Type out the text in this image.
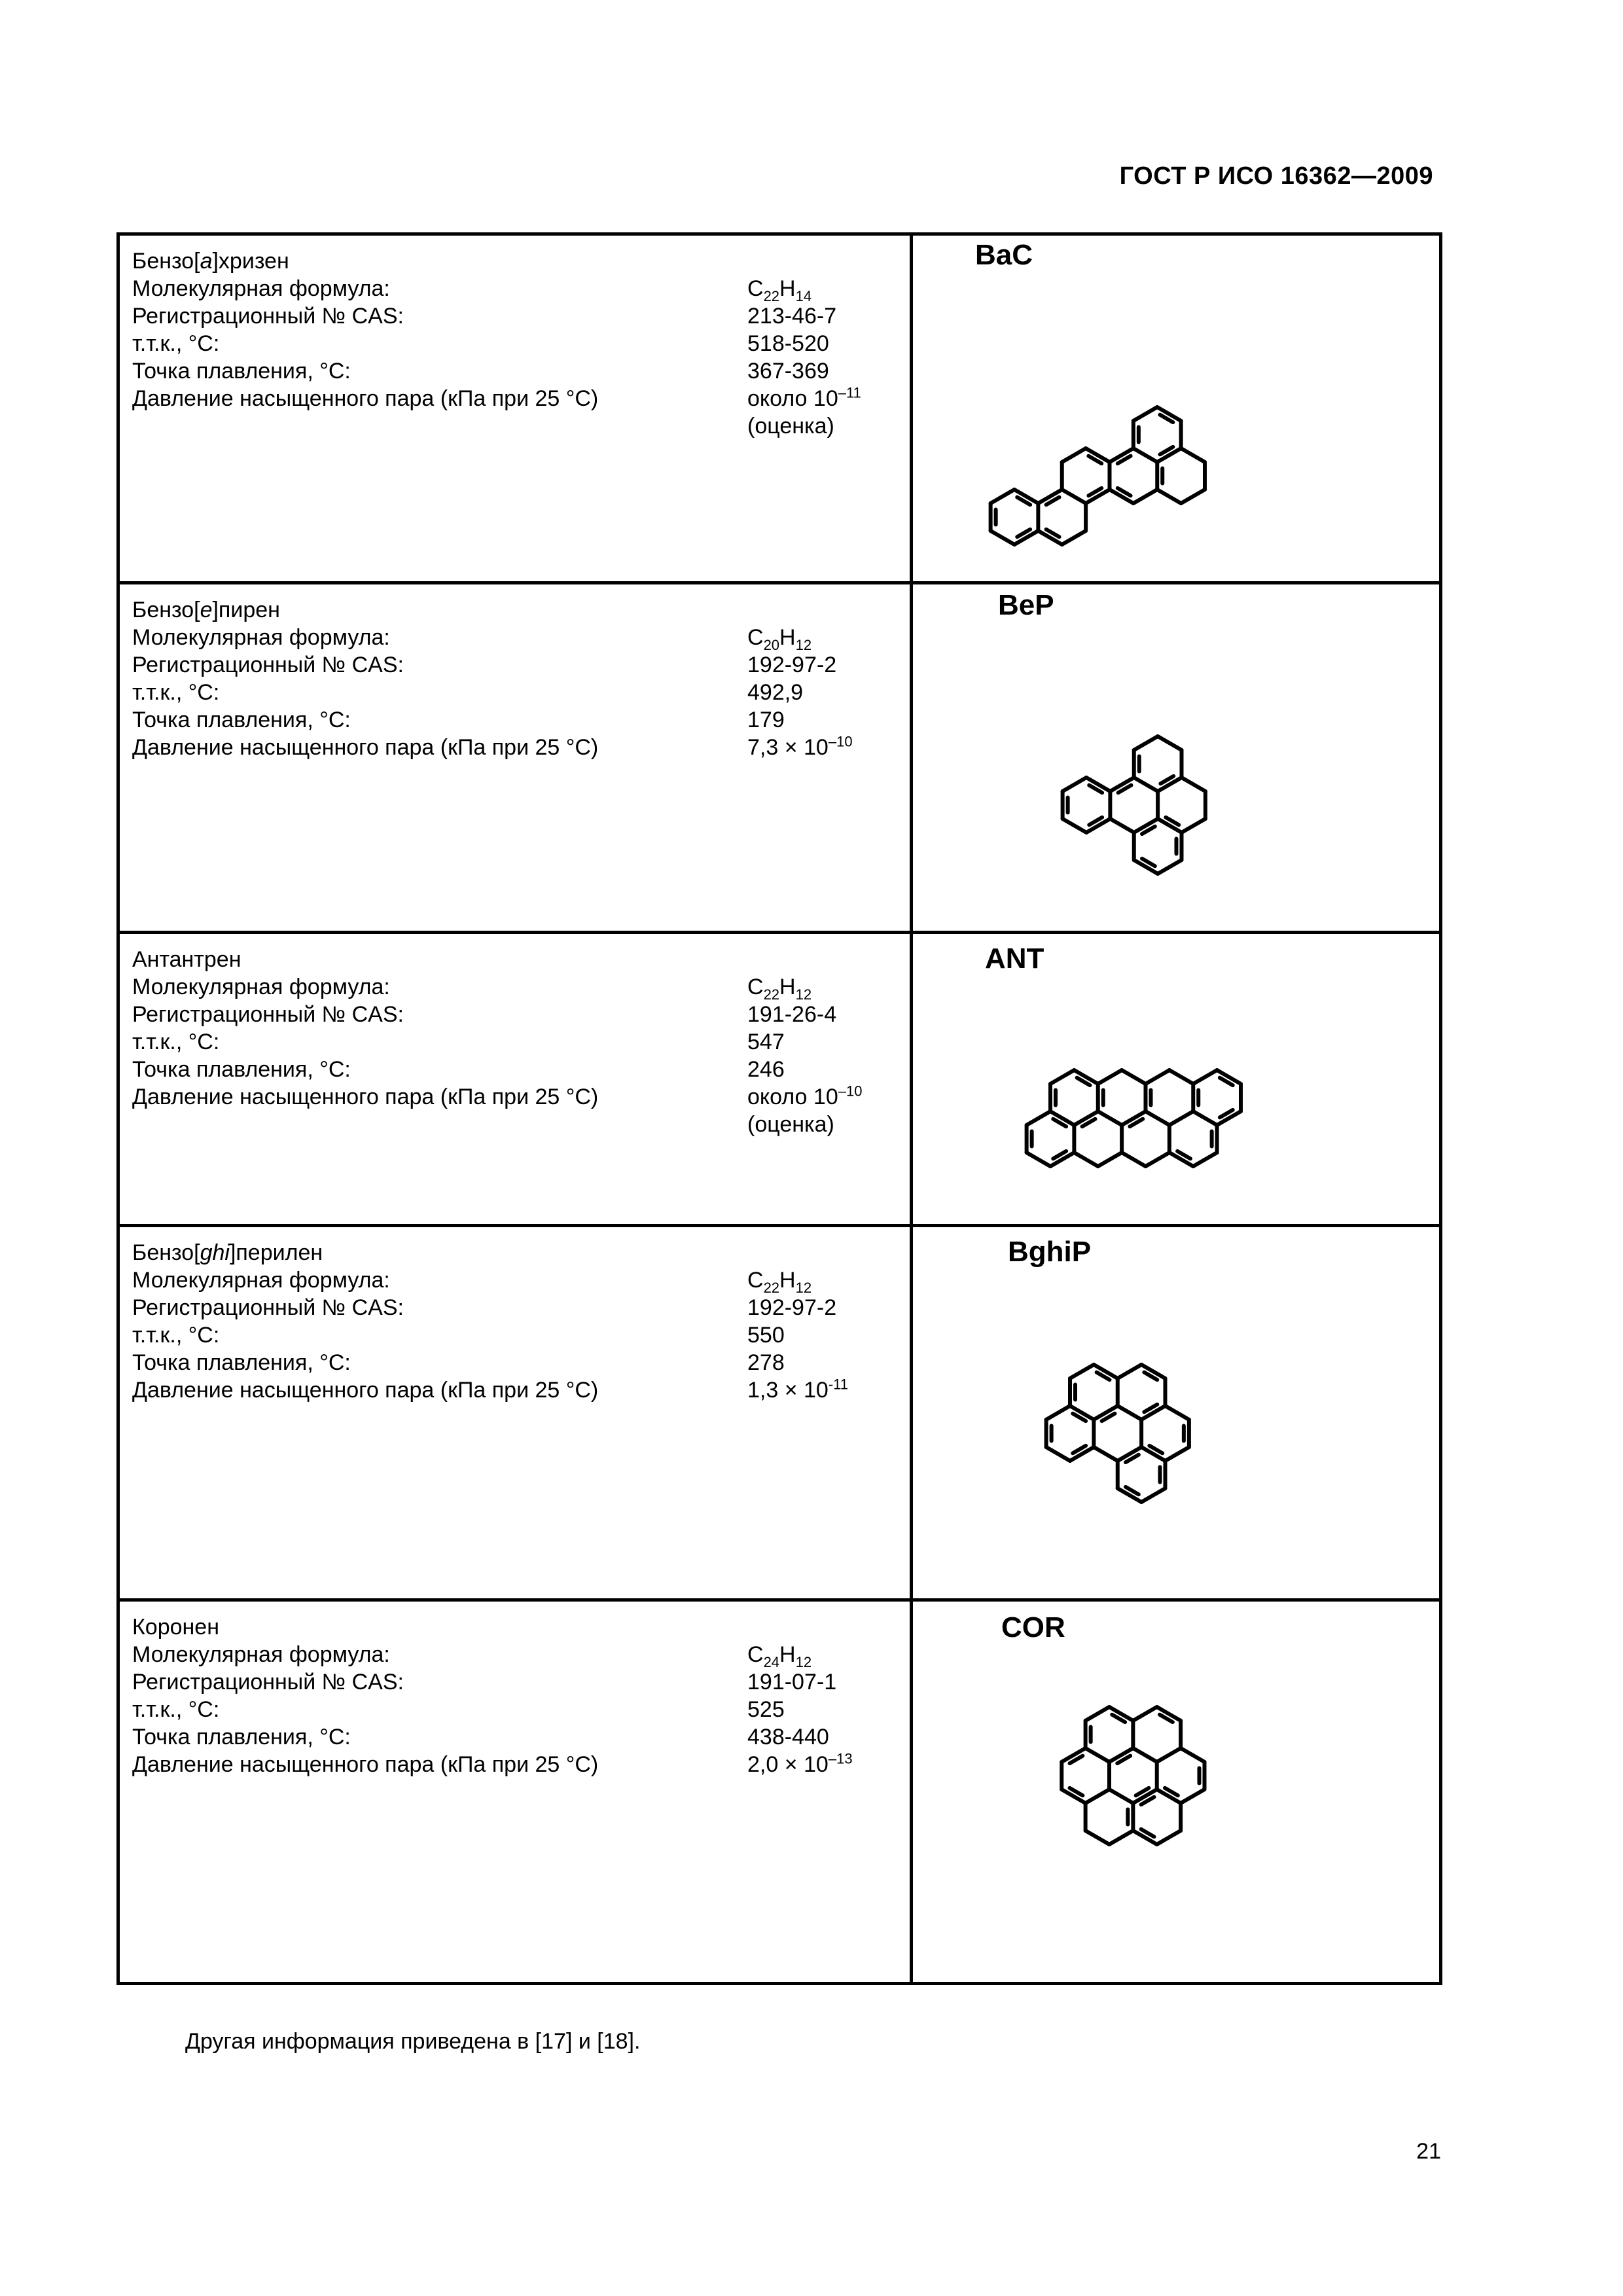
ГОСТ Р ИСО 16362—2009
Бензо[a]хризен
Молекулярная формула:	$C_{22}H_{14}$
Регистрационный № CAS:	213-46-7
т.т.к., °С:	518-520
Точка плавления, °С:	367-369
Давление насыщенного пара (кПа при 25 °С)	около $10^{-11}$
(оценка)
BaC
Бензо[e]пирен
Молекулярная формула:	$C_{20}H_{12}$
Регистрационный № CAS:	192-97-2
т.т.к., °С:	492,9
Точка плавления, °С:	179
Давление насыщенного пара (кПа при 25 °С)	$7,3 \times 10^{-10}$
BeP
Антантрен
Молекулярная формула:	$C_{22}H_{12}$
Регистрационный № CAS:	191-26-4
т.т.к., °С:	547
Точка плавления, °С:	246
Давление насыщенного пара (кПа при 25 °С)	около $10^{-10}$
(оценка)
ANT
Бензо[ghi]перилен
Молекулярная формула:	$C_{22}H_{12}$
Регистрационный № CAS:	192-97-2
т.т.к., °С:	550
Точка плавления, °С:	278
Давление насыщенного пара (кПа при 25 °С)	$1,3 \times 10^{-11}$
BghiP
Коронен
Молекулярная формула:	$C_{24}H_{12}$
Регистрационный № CAS:	191-07-1
т.т.к., °С:	525
Точка плавления, °С:	438-440
Давление насыщенного пара (кПа при 25 °С)	$2,0 \times 10^{-13}$
COR
Другая информация приведена в [17] и [18].
21
